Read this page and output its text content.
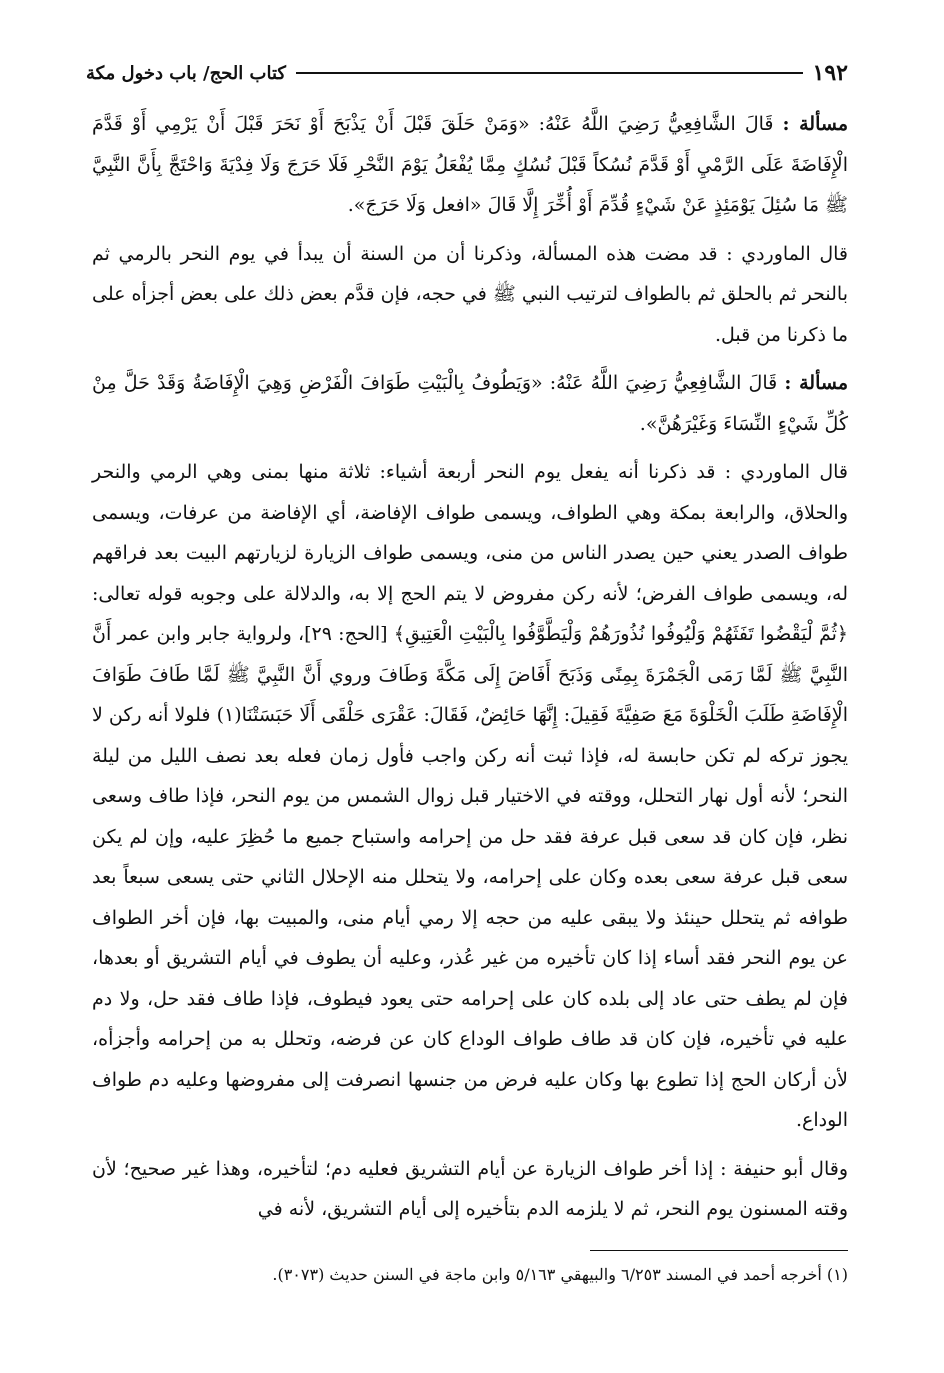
١٩٢
كتاب الحج/ باب دخول مكة

مسألة : قَالَ الشَّافِعِيُّ رَضِيَ اللَّهُ عَنْهُ: «وَمَنْ حَلَقَ قَبْلَ أَنْ يَذْبَحَ أَوْ نَحَرَ قَبْلَ أَنْ يَرْمِي أَوْ قَدَّمَ الْإِفَاضَةَ عَلَى الرَّمْيِ أَوْ قَدَّمَ نُسُكاً قَبْلَ نُسُكٍ مِمَّا يُفْعَلُ يَوْمَ النَّحْرِ فَلَا حَرَجَ وَلَا فِدْيَةَ وَاحْتَجَّ بِأَنَّ النَّبِيَّ ﷺ مَا سُئِلَ يَوْمَئِذٍ عَنْ شَيْءٍ قُدِّمَ أَوْ أُخِّرَ إِلَّا قَالَ «افعل وَلَا حَرَجَ».

قال الماوردي : قد مضت هذه المسألة، وذكرنا أن من السنة أن يبدأ في يوم النحر بالرمي ثم بالنحر ثم بالحلق ثم بالطواف لترتيب النبي ﷺ في حجه، فإن قدَّم بعض ذلك على بعض أجزأه على ما ذكرنا من قبل.

مسألة : قَالَ الشَّافِعِيُّ رَضِيَ اللَّهُ عَنْهُ: «وَيَطُوفُ بِالْبَيْتِ طَوَافَ الْفَرْضِ وَهِيَ الْإِفَاضَةُ وَقَدْ حَلَّ مِنْ كُلِّ شَيْءٍ النِّسَاءَ وَغَيْرَهُنَّ».

قال الماوردي : قد ذكرنا أنه يفعل يوم النحر أربعة أشياء: ثلاثة منها بمنى وهي الرمي والنحر والحلاق، والرابعة بمكة وهي الطواف، ويسمى طواف الإفاضة، أي الإفاضة من عرفات، ويسمى طواف الصدر يعني حين يصدر الناس من منى، ويسمى طواف الزيارة لزيارتهم البيت بعد فراقهم له، ويسمى طواف الفرض؛ لأنه ركن مفروض لا يتم الحج إلا به، والدلالة على وجوبه قوله تعالى: ﴿ثُمَّ لْيَقْضُوا تَفَثَهُمْ وَلْيُوفُوا نُذُورَهُمْ وَلْيَطَّوَّفُوا بِالْبَيْتِ الْعَتِيقِ﴾ [الحج: ٢٩]، ولرواية جابر وابن عمر أَنَّ النَّبِيَّ ﷺ لَمَّا رَمَى الْجَمْرَةَ بِمِنًى وَذَبَحَ أَفَاضَ إِلَى مَكَّةَ وَطَافَ وروي أَنَّ النَّبِيَّ ﷺ لَمَّا طَافَ طَوَافَ الْإِفَاضَةِ طَلَبَ الْخَلْوَةَ مَعَ صَفِيَّةَ فَقِيلَ: إِنَّهَا حَائِضٌ، فَقَالَ: عَقْرَى حَلْقَى أَلَا حَبَسَتْنَا(١) فلولا أنه ركن لا يجوز تركه لم تكن حابسة له، فإذا ثبت أنه ركن واجب فأول زمان فعله بعد نصف الليل من ليلة النحر؛ لأنه أول نهار التحلل، ووقته في الاختيار قبل زوال الشمس من يوم النحر، فإذا طاف وسعى نظر، فإن كان قد سعى قبل عرفة فقد حل من إحرامه واستباح جميع ما حُظِرَ عليه، وإن لم يكن سعى قبل عرفة سعى بعده وكان على إحرامه، ولا يتحلل منه الإحلال الثاني حتى يسعى سبعاً بعد طوافه ثم يتحلل حينئذ ولا يبقى عليه من حجه إلا رمي أيام منى، والمبيت بها، فإن أخر الطواف عن يوم النحر فقد أساء إذا كان تأخيره من غير عُذر، وعليه أن يطوف في أيام التشريق أو بعدها، فإن لم يطف حتى عاد إلى بلده كان على إحرامه حتى يعود فيطوف، فإذا طاف فقد حل، ولا دم عليه في تأخيره، فإن كان قد طاف طواف الوداع كان عن فرضه، وتحلل به من إحرامه وأجزأه، لأن أركان الحج إذا تطوع بها وكان عليه فرض من جنسها انصرفت إلى مفروضها وعليه دم طواف الوداع.

وقال أبو حنيفة : إذا أخر طواف الزيارة عن أيام التشريق فعليه دم؛ لتأخيره، وهذا غير صحيح؛ لأن وقته المسنون يوم النحر، ثم لا يلزمه الدم بتأخيره إلى أيام التشريق، لأنه في

(١) أخرجه أحمد في المسند ٦/٢٥٣ والبيهقي ٥/١٦٣ وابن ماجة في السنن حديث (٣٠٧٣).
